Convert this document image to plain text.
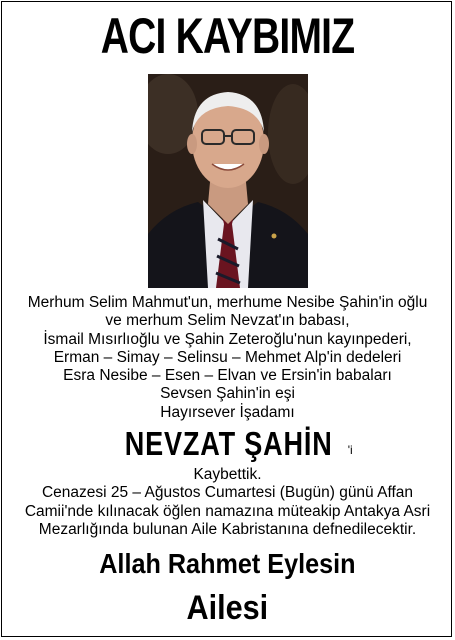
ACI KAYBIMIZ
Merhum Selim Mahmut'un, merhume Nesibe Şahin'in oğlu
ve merhum Selim Nevzat'ın babası,
İsmail Mısırlıoğlu ve Şahin Zeteroğlu'nun kayınpederi,
Erman – Simay – Selinsu – Mehmet Alp'in dedeleri
Esra Nesibe – Esen – Elvan ve Ersin'in babaları
Sevsen Şahin'in eşi
Hayırsever İşadamı
NEVZAT ŞAHİN $^{'i}$
Kaybettik.
Cenazesi 25 – Ağustos Cumartesi (Bugün) günü Affan
Camii'nde kılınacak öğlen namazına müteakip Antakya Asri
Mezarlığında bulunan Aile Kabristanına defnedilecektir.
Allah Rahmet Eylesin
Ailesi
